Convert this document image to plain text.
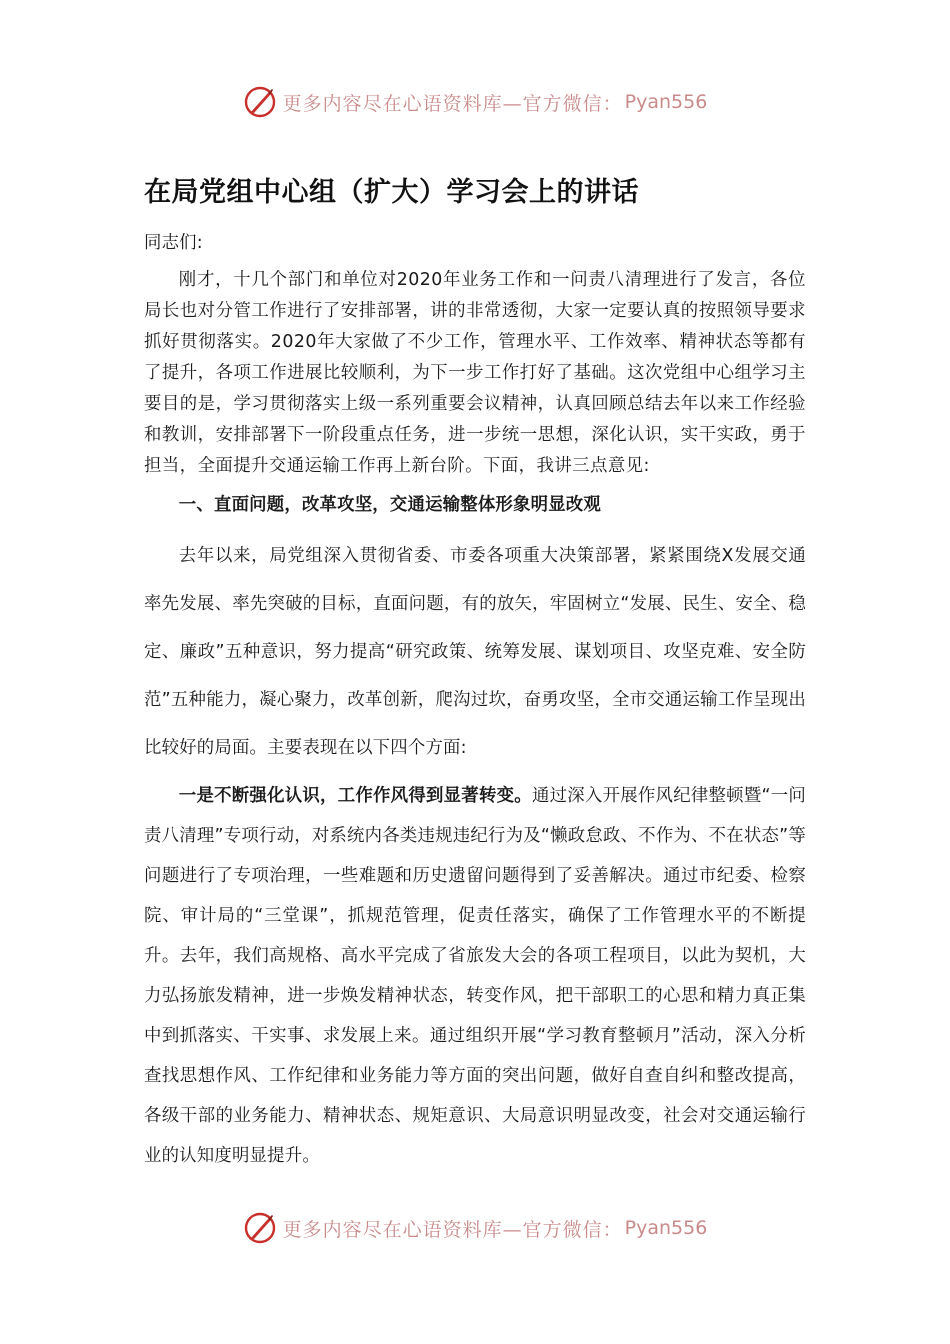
更多内容尽在心语资料库—官方微信： Pyan556
在局党组中心组（扩大）学习会上的讲话

同志们:

刚才，十几个部门和单位对2020年业务工作和一问责八清理进行了发言，各位局长也对分管工作进行了安排部署，讲的非常透彻，大家一定要认真的按照领导要求抓好贯彻落实。2020年大家做了不少工作，管理水平、工作效率、精神状态等都有了提升，各项工作进展比较顺利，为下一步工作打好了基础。这次党组中心组学习主要目的是，学习贯彻落实上级一系列重要会议精神，认真回顾总结去年以来工作经验和教训，安排部署下一阶段重点任务，进一步统一思想，深化认识，实干实政，勇于担当，全面提升交通运输工作再上新台阶。下面，我讲三点意见:

一、直面问题，改革攻坚，交通运输整体形象明显改观

去年以来，局党组深入贯彻省委、市委各项重大决策部署，紧紧围绕X发展交通率先发展、率先突破的目标，直面问题，有的放矢，牢固树立“发展、民生、安全、稳定、廉政”五种意识，努力提高“研究政策、统筹发展、谋划项目、攻坚克难、安全防范”五种能力，凝心聚力，改革创新，爬沟过坎，奋勇攻坚，全市交通运输工作呈现出比较好的局面。主要表现在以下四个方面:

一是不断强化认识，工作作风得到显著转变。通过深入开展作风纪律整顿暨“一问责八清理”专项行动，对系统内各类违规违纪行为及“懒政怠政、不作为、不在状态”等问题进行了专项治理，一些难题和历史遗留问题得到了妥善解决。通过市纪委、检察院、审计局的“三堂课”，抓规范管理，促责任落实，确保了工作管理水平的不断提升。去年，我们高规格、高水平完成了省旅发大会的各项工程项目，以此为契机，大力弘扬旅发精神，进一步焕发精神状态，转变作风，把干部职工的心思和精力真正集中到抓落实、干实事、求发展上来。通过组织开展“学习教育整顿月”活动，深入分析查找思想作风、工作纪律和业务能力等方面的突出问题，做好自查自纠和整改提高，各级干部的业务能力、精神状态、规矩意识、大局意识明显改变，社会对交通运输行业的认知度明显提升。

更多内容尽在心语资料库—官方微信： Pyan556
